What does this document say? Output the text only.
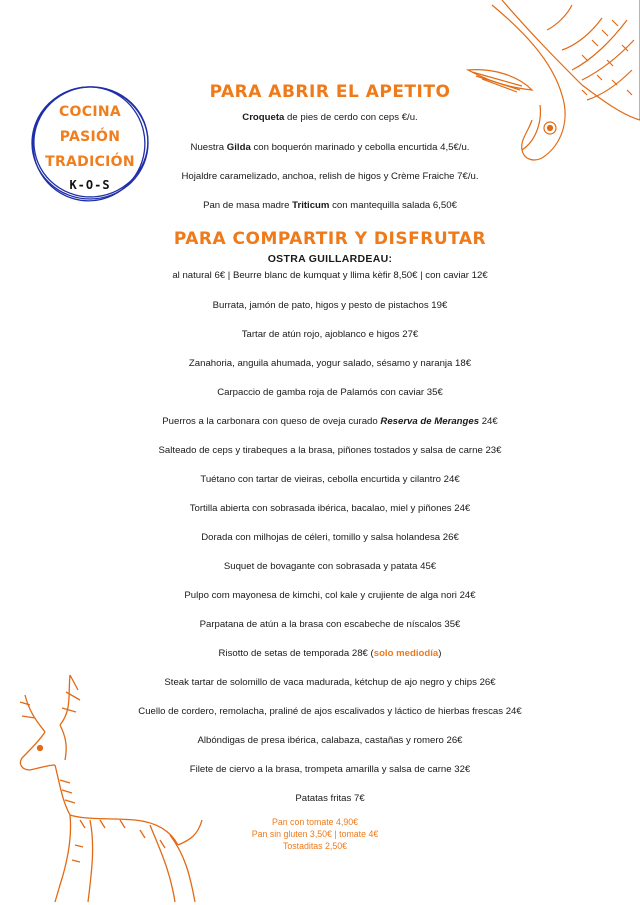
COCINA
PASIÓN
TRADICIÓN
K-O-S
PARA ABRIR EL APETITO
Croqueta de pies de cerdo con ceps €/u.
Nuestra Gilda con boquerón marinado y cebolla encurtida 4,5€/u.
Hojaldre caramelizado, anchoa, relish de higos y Crème Fraiche 7€/u.
Pan de masa madre Triticum con mantequilla salada 6,50€
PARA COMPARTIR Y DISFRUTAR
OSTRA GUILLARDEAU:
al natural 6€ | Beurre blanc de kumquat y llima kèfir 8,50€ | con caviar 12€
Burrata, jamón de pato, higos y pesto de pistachos 19€
Tartar de atún rojo, ajoblanco e higos 27€
Zanahoria, anguila ahumada, yogur salado, sésamo y naranja 18€
Carpaccio de gamba roja de Palamós con caviar 35€
Puerros a la carbonara con queso de oveja curado Reserva de Meranges 24€
Salteado de ceps y tirabeques a la brasa, piñones tostados y salsa de carne 23€
Tuétano con tartar de vieiras, cebolla encurtida y cilantro 24€
Tortilla abierta con sobrasada ibérica, bacalao, miel y piñones 24€
Dorada con milhojas de céleri, tomillo y salsa holandesa 26€
Suquet de bovagante con sobrasada y patata 45€
Pulpo com mayonesa de kimchi, col kale y crujiente de alga nori 24€
Parpatana de atún a la brasa con escabeche de níscalos 35€
Risotto de setas de temporada 28€ (solo mediodía)
Steak tartar de solomillo de vaca madurada, kétchup de ajo negro y chips 26€
Cuello de cordero, remolacha, praliné de ajos escalivados y láctico de hierbas frescas 24€
Albóndigas de presa ibérica, calabaza, castañas y romero 26€
Filete de ciervo a la brasa, trompeta amarilla y salsa de carne 32€
Patatas fritas 7€
Pan con tomate 4,90€
Pan sin gluten 3,50€ | tomate 4€
Tostaditas 2,50€
